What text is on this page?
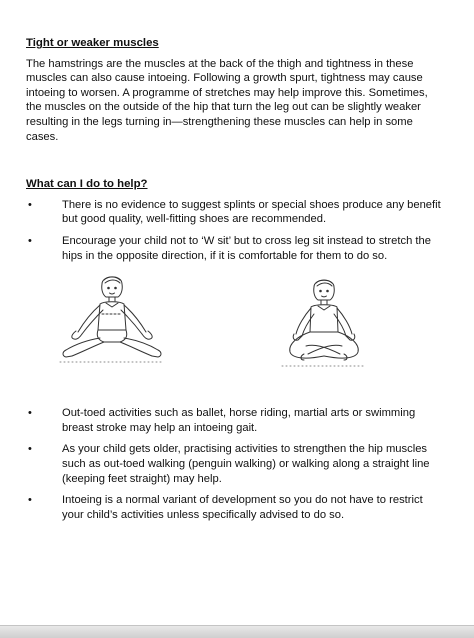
Tight or weaker muscles

The hamstrings are the muscles at the back of the thigh and tightness in these muscles can also cause intoeing. Following a growth spurt, tightness may cause intoeing to worsen. A programme of stretches may help improve this. Sometimes, the muscles on the outside of the hip that turn the leg out can be slightly weaker resulting in the legs turning in—strengthening these muscles can help in some cases.

What can I do to help?

•	There is no evidence to suggest splints or special shoes produce any benefit but good quality, well-fitting shoes are recommended.
•	Encourage your child not to ‘W sit’ but to cross leg sit instead to stretch the hips in the opposite direction, if it is comfortable for them to do so.
•	Out-toed activities such as ballet, horse riding, martial arts or swimming breast stroke may help an intoeing gait.
•	As your child gets older, practising activities to strengthen the hip muscles such as out-toed walking (penguin walking) or walking along a straight line (keeping feet straight) may help.
•	Intoeing is a normal variant of development so you do not have to restrict your child’s activities unless specifically advised to do so.
